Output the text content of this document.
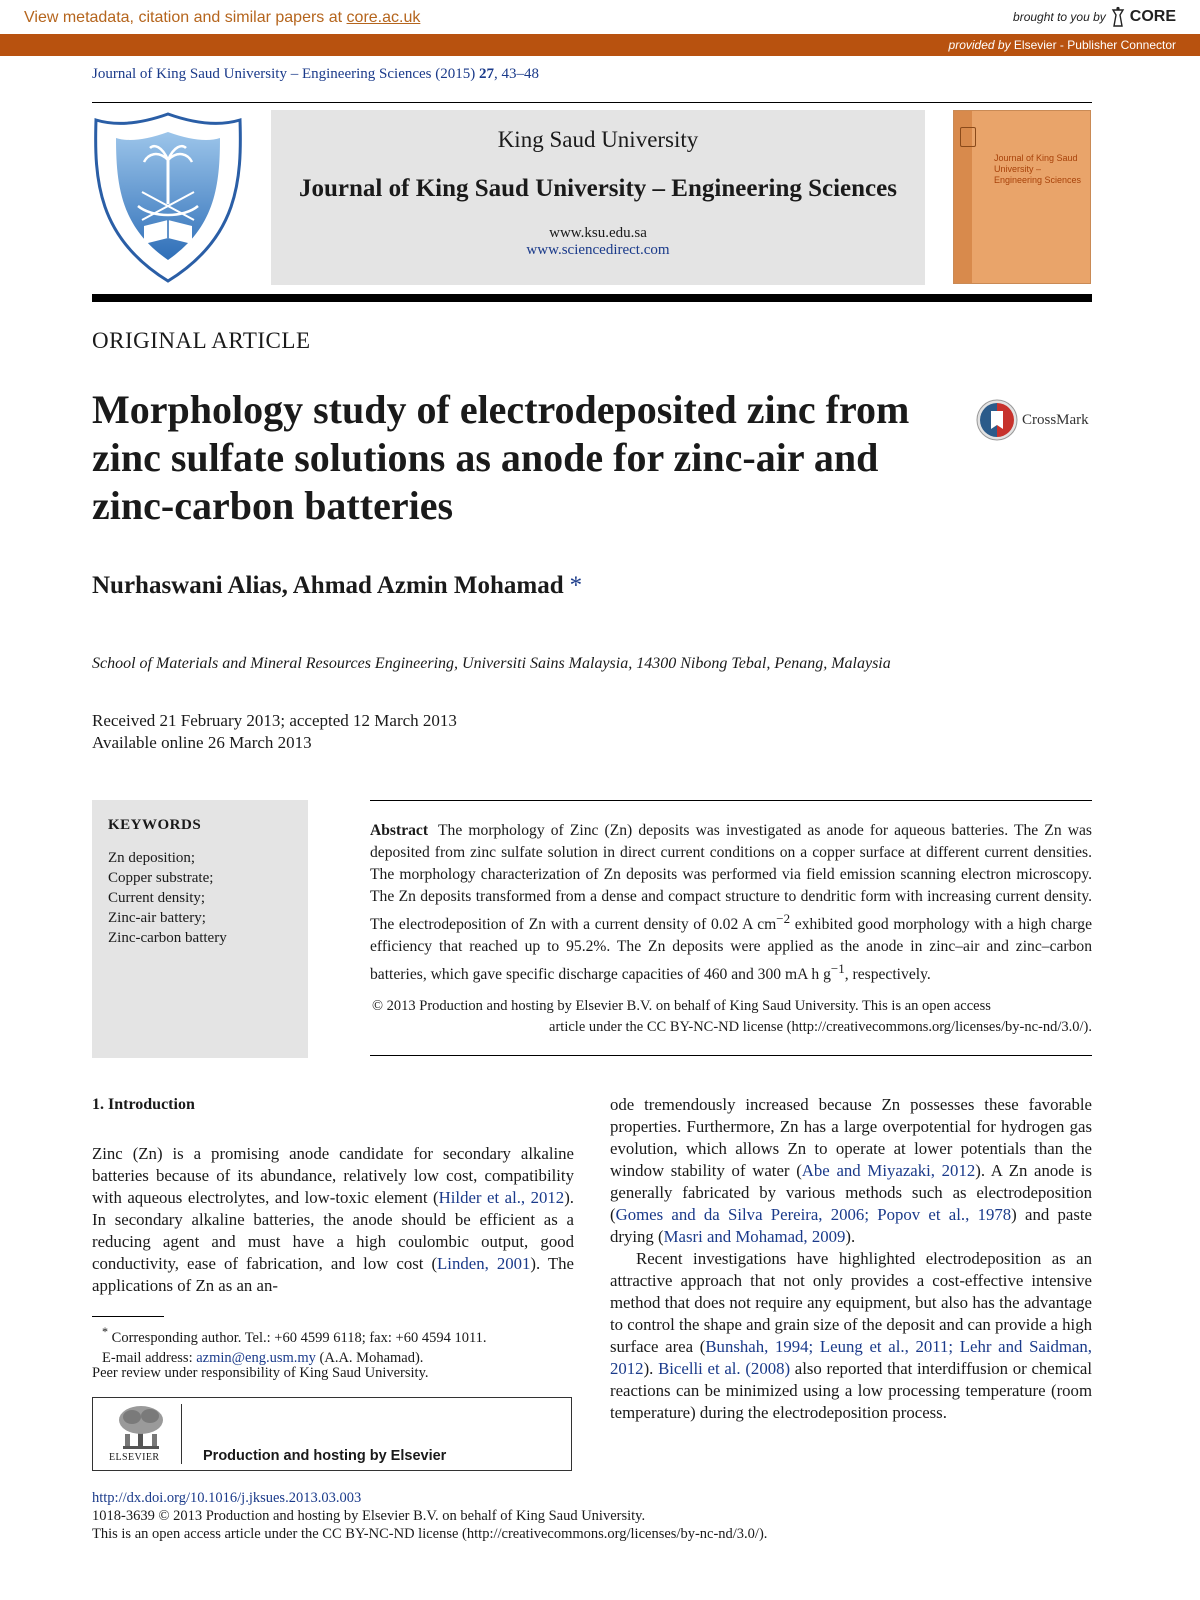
View metadata, citation and similar papers at core.ac.uk	brought to you by CORE
provided by Elsevier - Publisher Connector
Journal of King Saud University – Engineering Sciences (2015) 27, 43–48
King Saud University
Journal of King Saud University – Engineering Sciences
www.ksu.edu.sa
www.sciencedirect.com
Journal of King Saud University – Engineering Sciences
ORIGINAL ARTICLE
Morphology study of electrodeposited zinc from zinc sulfate solutions as anode for zinc-air and zinc-carbon batteries
CrossMark
Nurhaswani Alias, Ahmad Azmin Mohamad *
School of Materials and Mineral Resources Engineering, Universiti Sains Malaysia, 14300 Nibong Tebal, Penang, Malaysia
Received 21 February 2013; accepted 12 March 2013
Available online 26 March 2013
KEYWORDS
Zn deposition;
Copper substrate;
Current density;
Zinc-air battery;
Zinc-carbon battery
Abstract The morphology of Zinc (Zn) deposits was investigated as anode for aqueous batteries. The Zn was deposited from zinc sulfate solution in direct current conditions on a copper surface at different current densities. The morphology characterization of Zn deposits was performed via field emission scanning electron microscopy. The Zn deposits transformed from a dense and compact structure to dendritic form with increasing current density. The electrodeposition of Zn with a current density of 0.02 A $cm^{-2}$ exhibited good morphology with a high charge efficiency that reached up to 95.2%. The Zn deposits were applied as the anode in zinc–air and zinc–carbon batteries, which gave specific discharge capacities of 460 and 300 mA h $g^{-1}$, respectively.
© 2013 Production and hosting by Elsevier B.V. on behalf of King Saud University. This is an open access
article under the CC BY-NC-ND license (http://creativecommons.org/licenses/by-nc-nd/3.0/).
1. Introduction

Zinc (Zn) is a promising anode candidate for secondary alkaline batteries because of its abundance, relatively low cost, compatibility with aqueous electrolytes, and low-toxic element (Hilder et al., 2012). In secondary alkaline batteries, the anode should be efficient as a reducing agent and must have a high coulombic output, good conductivity, ease of fabrication, and low cost (Linden, 2001). The applications of Zn as an an-

ode tremendously increased because Zn possesses these favorable properties. Furthermore, Zn has a large overpotential for hydrogen gas evolution, which allows Zn to operate at lower potentials than the window stability of water (Abe and Miyazaki, 2012). A Zn anode is generally fabricated by various methods such as electrodeposition (Gomes and da Silva Pereira, 2006; Popov et al., 1978) and paste drying (Masri and Mohamad, 2009).

Recent investigations have highlighted electrodeposition as an attractive approach that not only provides a cost-effective intensive method that does not require any equipment, but also has the advantage to control the shape and grain size of the deposit and can provide a high surface area (Bunshah, 1994; Leung et al., 2011; Lehr and Saidman, 2012). Bicelli et al. (2008) also reported that interdiffusion or chemical reactions can be minimized using a low processing temperature (room temperature) during the electrodeposition process.

* Corresponding author. Tel.: +60 4599 6118; fax: +60 4594 1011.
E-mail address: azmin@eng.usm.my (A.A. Mohamad).
Peer review under responsibility of King Saud University.
ELSEVIER	Production and hosting by Elsevier
http://dx.doi.org/10.1016/j.jksues.2013.03.003
1018-3639 © 2013 Production and hosting by Elsevier B.V. on behalf of King Saud University.
This is an open access article under the CC BY-NC-ND license (http://creativecommons.org/licenses/by-nc-nd/3.0/).
